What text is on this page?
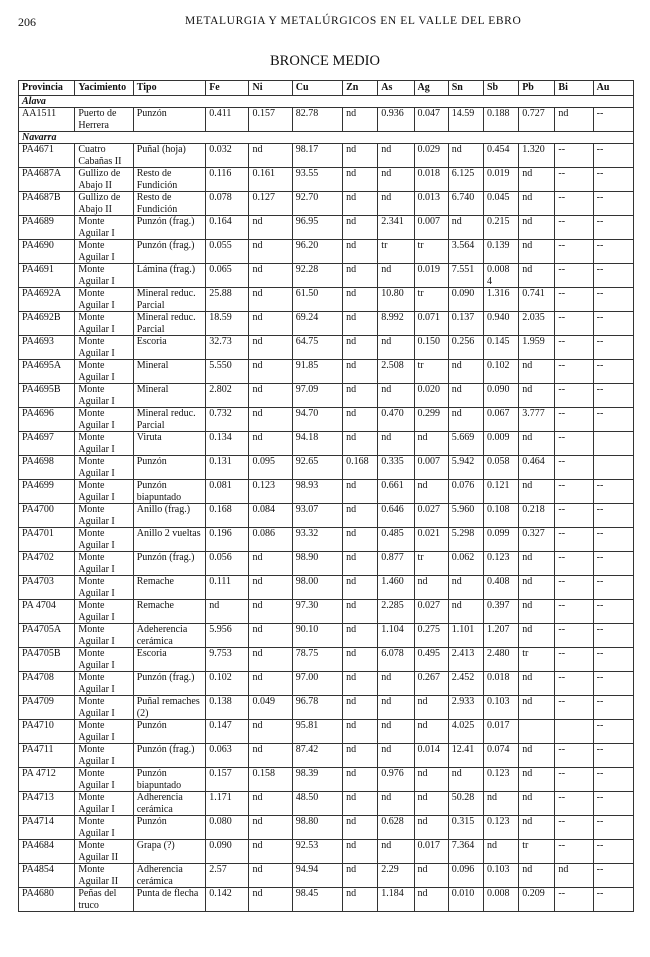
206	METALURGIA Y METALÚRGICOS EN EL VALLE DEL EBRO
BRONCE MEDIO
Provincia	Yacimiento	Tipo	Fe	Ni	Cu	Zn	As	Ag	Sn	Sb	Pb	Bi	Au
Alava													
AA1511	Puerto de Herrera	Punzón	0.411	0.157	82.78	nd	0.936	0.047	14.59	0.188	0.727	nd	--
Navarra													
PA4671	Cuatro Cabañas II	Puñal (hoja)	0.032	nd	98.17	nd	nd	0.029	nd	0.454	1.320	--	--
PA4687A	Gullizo de Abajo II	Resto de Fundición	0.116	0.161	93.55	nd	nd	0.018	6.125	0.019	nd	--	--
PA4687B	Gullizo de Abajo II	Resto de Fundición	0.078	0.127	92.70	nd	nd	0.013	6.740	0.045	nd	--	--
PA4689	Monte Aguilar I	Punzón (frag.)	0.164	nd	96.95	nd	2.341	0.007	nd	0.215	nd	--	--
PA4690	Monte Aguilar I	Punzón (frag.)	0.055	nd	96.20	nd	tr	tr	3.564	0.139	nd	--	--
PA4691	Monte Aguilar I	Lámina (frag.)	0.065	nd	92.28	nd	nd	0.019	7.551	0.008 4	nd	--	--
PA4692A	Monte Aguilar I	Mineral reduc. Parcial	25.88	nd	61.50	nd	10.80	tr	0.090	1.316	0.741	--	--
PA4692B	Monte Aguilar I	Mineral reduc. Parcial	18.59	nd	69.24	nd	8.992	0.071	0.137	0.940	2.035	--	--
PA4693	Monte Aguilar I	Escoria	32.73	nd	64.75	nd	nd	0.150	0.256	0.145	1.959	--	--
PA4695A	Monte Aguilar I	Mineral	5.550	nd	91.85	nd	2.508	tr	nd	0.102	nd	--	--
PA4695B	Monte Aguilar I	Mineral	2.802	nd	97.09	nd	nd	0.020	nd	0.090	nd	--	--
PA4696	Monte Aguilar I	Mineral reduc. Parcial	0.732	nd	94.70	nd	0.470	0.299	nd	0.067	3.777	--	--
PA4697	Monte Aguilar I	Viruta	0.134	nd	94.18	nd	nd	nd	5.669	0.009	nd	--	
PA4698	Monte Aguilar I	Punzón	0.131	0.095	92.65	0.168	0.335	0.007	5.942	0.058	0.464	--	
PA4699	Monte Aguilar I	Punzón biapuntado	0.081	0.123	98.93	nd	0.661	nd	0.076	0.121	nd	--	--
PA4700	Monte Aguilar I	Anillo (frag.)	0.168	0.084	93.07	nd	0.646	0.027	5.960	0.108	0.218	--	--
PA4701	Monte Aguilar I	Anillo 2 vueltas	0.196	0.086	93.32	nd	0.485	0.021	5.298	0.099	0.327	--	--
PA4702	Monte Aguilar I	Punzón (frag.)	0.056	nd	98.90	nd	0.877	tr	0.062	0.123	nd	--	--
PA4703	Monte Aguilar I	Remache	0.111	nd	98.00	nd	1.460	nd	nd	0.408	nd	--	--
PA 4704	Monte Aguilar I	Remache	nd	nd	97.30	nd	2.285	0.027	nd	0.397	nd	--	--
PA4705A	Monte Aguilar I	Adeherencia cerámica	5.956	nd	90.10	nd	1.104	0.275	1.101	1.207	nd	--	--
PA4705B	Monte Aguilar I	Escoria	9.753	nd	78.75	nd	6.078	0.495	2.413	2.480	tr	--	--
PA4708	Monte Aguilar I	Punzón (frag.)	0.102	nd	97.00	nd	nd	0.267	2.452	0.018	nd	--	--
PA4709	Monte Aguilar I	Puñal remaches (2)	0.138	0.049	96.78	nd	nd	nd	2.933	0.103	nd	--	--
PA4710	Monte Aguilar I	Punzón	0.147	nd	95.81	nd	nd	nd	4.025	0.017			--
PA4711	Monte Aguilar I	Punzón (frag.)	0.063	nd	87.42	nd	nd	0.014	12.41	0.074	nd	--	--
PA 4712	Monte Aguilar I	Punzón biapuntado	0.157	0.158	98.39	nd	0.976	nd	nd	0.123	nd	--	--
PA4713	Monte Aguilar I	Adherencia cerámica	1.171	nd	48.50	nd	nd	nd	50.28	nd	nd	--	--
PA4714	Monte Aguilar I	Punzón	0.080	nd	98.80	nd	0.628	nd	0.315	0.123	nd	--	--
PA4684	Monte Aguilar II	Grapa (?)	0.090	nd	92.53	nd	nd	0.017	7.364	nd	tr	--	--
PA4854	Monte Aguilar II	Adherencia cerámica	2.57	nd	94.94	nd	2.29	nd	0.096	0.103	nd	nd	--
PA4680	Peñas del truco	Punta de flecha	0.142	nd	98.45	nd	1.184	nd	0.010	0.008	0.209	--	--
